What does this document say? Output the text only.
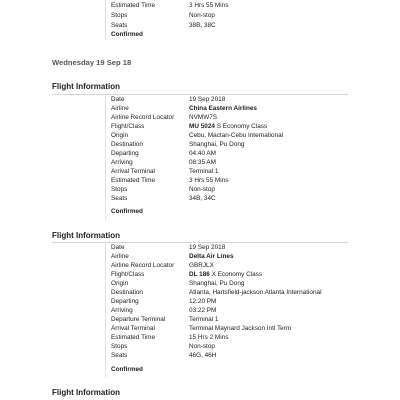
Estimated Time	3 Hrs 55 Mins
Stops	Non-stop
Seats	38B, 38C
Confirmed
Wednesday 19 Sep 18
Flight Information
Date	19 Sep 2018
Airline	China Eastern Airlines
Airline Record Locator NVMW7S
Flight/Class	MU 5024 S Economy Class
Origin	Cebu, Mactan-Cebu International
Destination	Shanghai, Pu Dong
Departing	04:40 AM
Arriving	08:35 AM
Arrival Terminal	Terminal 1
Estimated Time	3 Hrs 55 Mins
Stops	Non-stop
Seats	34B, 34C
Confirmed
Flight Information
Date	19 Sep 2018
Airline	Delta Air Lines
Airline Record Locator GBRJLX
Flight/Class	DL 186 X Economy Class
Origin	Shanghai, Pu Dong
Destination	Atlanta, Hartsfield-jackson Atlanta International
Departing	12:20 PM
Arriving	03:22 PM
Departure Terminal	Terminal 1
Arrival Terminal	Terminal Maynard Jackson Intl Term
Estimated Time	15 Hrs 2 Mins
Stops	Non-stop
Seats	46G, 46H
Confirmed
Flight Information
